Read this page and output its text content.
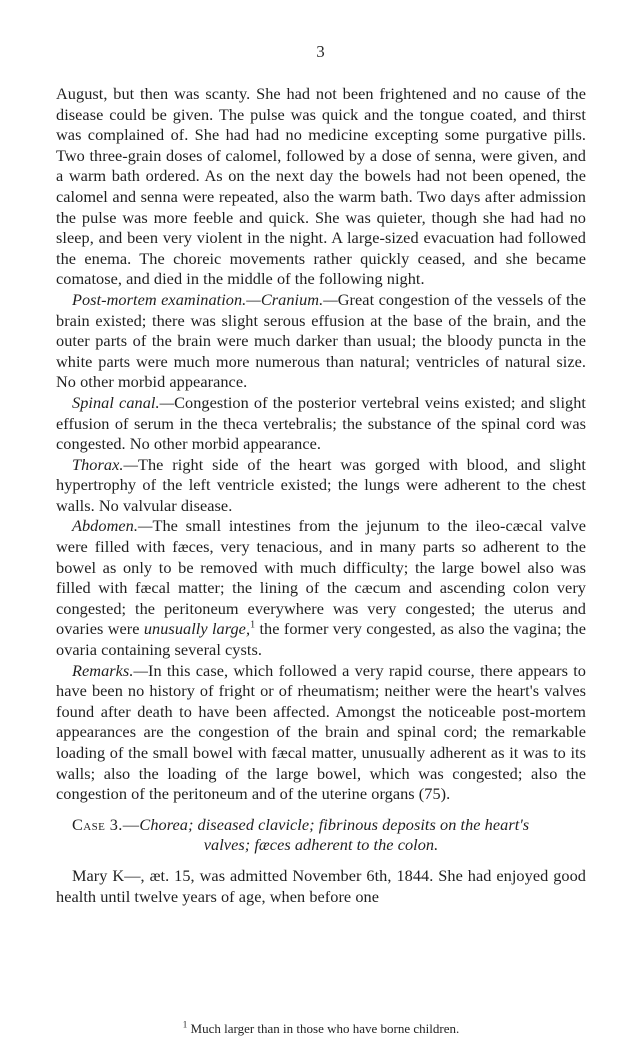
3

August, but then was scanty. She had not been frightened and no cause of the disease could be given. The pulse was quick and the tongue coated, and thirst was complained of. She had had no medicine excepting some purgative pills. Two three-grain doses of calomel, followed by a dose of senna, were given, and a warm bath ordered. As on the next day the bowels had not been opened, the calomel and senna were repeated, also the warm bath. Two days after admission the pulse was more feeble and quick. She was quieter, though she had had no sleep, and been very violent in the night. A large-sized evacuation had followed the enema. The choreic movements rather quickly ceased, and she became comatose, and died in the middle of the following night.

Post-mortem examination.—Cranium.—Great congestion of the vessels of the brain existed; there was slight serous effusion at the base of the brain, and the outer parts of the brain were much darker than usual; the bloody puncta in the white parts were much more numerous than natural; ventricles of natural size. No other morbid appearance.

Spinal canal.—Congestion of the posterior vertebral veins existed; and slight effusion of serum in the theca vertebralis; the substance of the spinal cord was congested. No other morbid appearance.

Thorax.—The right side of the heart was gorged with blood, and slight hypertrophy of the left ventricle existed; the lungs were adherent to the chest walls. No valvular disease.

Abdomen.—The small intestines from the jejunum to the ileo-cæcal valve were filled with fæces, very tenacious, and in many parts so adherent to the bowel as only to be removed with much difficulty; the large bowel also was filled with fæcal matter; the lining of the cæcum and ascending colon very congested; the peritoneum everywhere was very congested; the uterus and ovaries were unusually large,$^1$ the former very congested, as also the vagina; the ovaria containing several cysts.

Remarks.—In this case, which followed a very rapid course, there appears to have been no history of fright or of rheumatism; neither were the heart's valves found after death to have been affected. Amongst the noticeable post-mortem appearances are the congestion of the brain and spinal cord; the remarkable loading of the small bowel with fæcal matter, unusually adherent as it was to its walls; also the loading of the large bowel, which was congested; also the congestion of the peritoneum and of the uterine organs (75).

Case 3.—Chorea; diseased clavicle; fibrinous deposits on the heart's
valves; fæces adherent to the colon.

Mary K—, æt. 15, was admitted November 6th, 1844. She had enjoyed good health until twelve years of age, when before one

$^1$ Much larger than in those who have borne children.
